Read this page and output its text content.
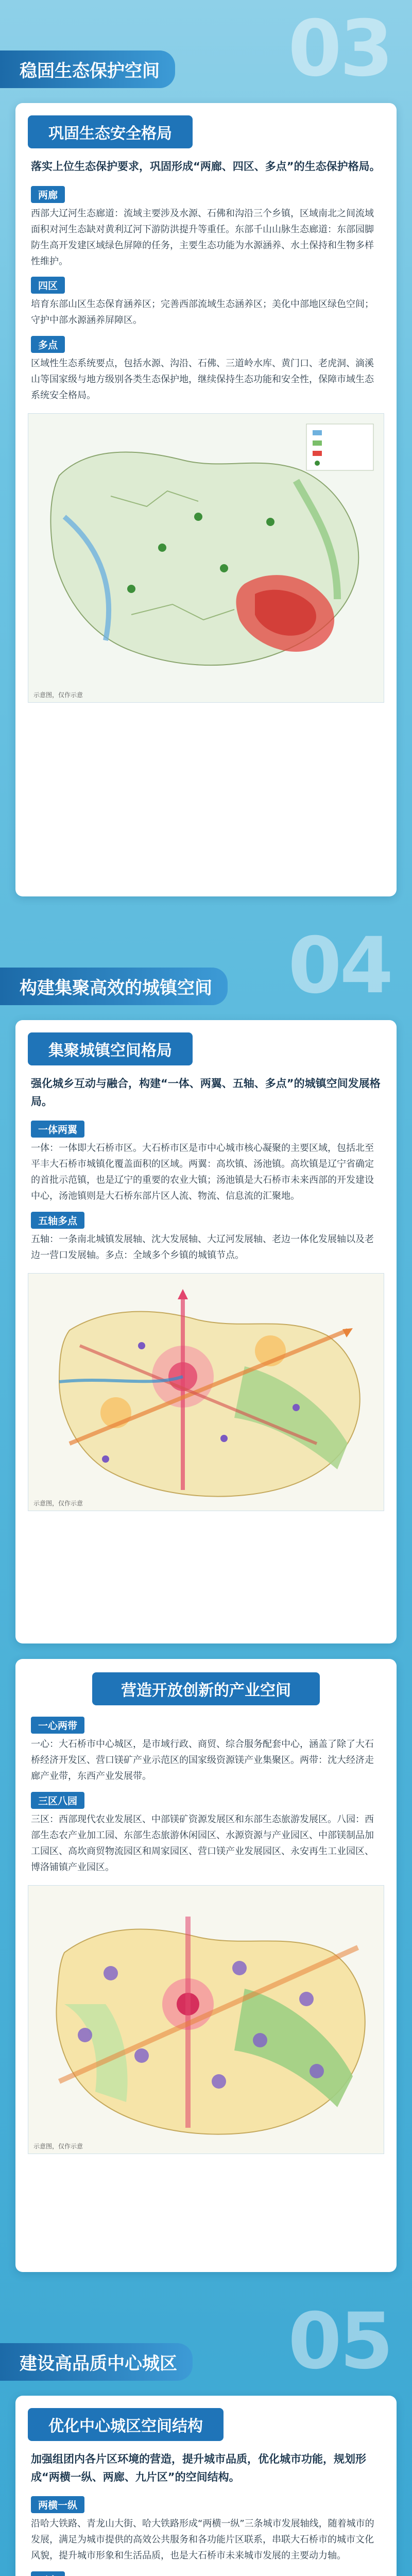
03
稳固生态保护空间
巩固生态安全格局
落实上位生态保护要求，巩固形成“两廊、四区、多点”的生态保护格局。
两廊
西部大辽河生态廊道：流域主要涉及水源、石佛和沟沿三个乡镇，区域南北之间流域面积对河生态缺对黄利辽河下游防洪提升等重任。东部千山山脉生态廊道：东部园脚防生高开发建区域绿色屏障的任务，主要生态功能为水源涵养、水土保持和生物多样性维护。
四区
培育东部山区生态保育涵养区；完善西部流域生态涵养区；美化中部地区绿色空间；守护中部水源涵养屏障区。
多点
区域性生态系统要点，包括水源、沟沿、石佛、三道岭水库、黄门口、老虎洞、滴溪山等国家级与地方级别各类生态保护地，继续保持生态功能和安全性，保障市域生态系统安全格局。
示意图，仅作示意
04
构建集聚高效的城镇空间
集聚城镇空间格局
强化城乡互动与融合，构建“一体、两翼、五轴、多点”的城镇空间发展格局。
一体两翼
一体：一体即大石桥市区。大石桥市区是市中心城市核心凝聚的主要区域，包括北至平丰大石桥市城镇化覆盖面积的区域。两翼：高坎镇、汤池镇。高坎镇是辽宁省确定的首批示范镇，也是辽宁的重要的农业大镇；汤池镇是大石桥市未来西部的开发建设中心，汤池镇则是大石桥东部片区人流、物流、信息流的汇聚地。
五轴多点
五轴：一条南北城镇发展轴、沈大发展轴、大辽河发展轴、老边一体化发展轴以及老边一营口发展轴。多点：全域多个乡镇的城镇节点。
示意图，仅作示意
营造开放创新的产业空间
一心两带
一心：大石桥市中心城区，是市域行政、商贸、综合服务配套中心，涵盖了除了大石桥经济开发区、营口镁矿产业示范区的国家级资源镁产业集聚区。两带：沈大经济走廊产业带，东西产业发展带。
三区八园
三区：西部现代农业发展区、中部镁矿资源发展区和东部生态旅游发展区。八园：西部生态农产业加工园、东部生态旅游休闲园区、水源资源与产业园区、中部镁制品加工园区、高坎商贸物流园区和周家园区、营口镁产业发展园区、永安再生工业园区、博洛铺镇产业园区。
示意图，仅作示意
05
建设高品质中心城区
优化中心城区空间结构
加强组团内各片区环境的营造，提升城市品质，优化城市功能，规划形成“两横一纵、两廊、九片区”的空间结构。
两横一纵
沿哈大铁路、青龙山大街、哈大铁路形成“两横一纵”三条城市发展轴线，随着城市的发展，满足为城市提供的高效公共服务和各功能片区联系，串联大石桥市的城市文化风貌，提升城市形象和生活品质，也是大石桥市未来城市发展的主要动力轴。
